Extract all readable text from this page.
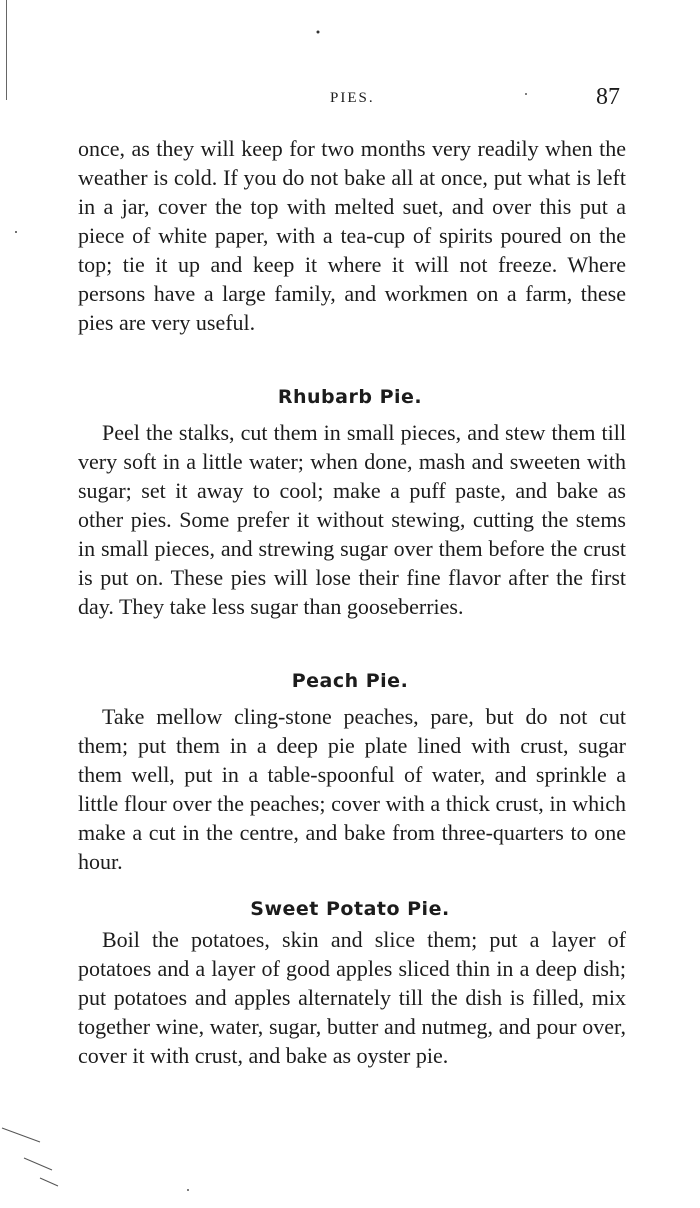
PIES.	87

once, as they will keep for two months very readily when the weather is cold. If you do not bake all at once, put what is left in a jar, cover the top with melted suet, and over this put a piece of white paper, with a tea-cup of spirits poured on the top; tie it up and keep it where it will not freeze. Where persons have a large family, and workmen on a farm, these pies are very useful.

Rhubarb Pie.

Peel the stalks, cut them in small pieces, and stew them till very soft in a little water; when done, mash and sweeten with sugar; set it away to cool; make a puff paste, and bake as other pies. Some prefer it without stewing, cutting the stems in small pieces, and strewing sugar over them before the crust is put on. These pies will lose their fine flavor after the first day. They take less sugar than gooseberries.

Peach Pie.

Take mellow cling-stone peaches, pare, but do not cut them; put them in a deep pie plate lined with crust, sugar them well, put in a table-spoonful of water, and sprinkle a little flour over the peaches; cover with a thick crust, in which make a cut in the centre, and bake from three-quarters to one hour.

Sweet Potato Pie.

Boil the potatoes, skin and slice them; put a layer of potatoes and a layer of good apples sliced thin in a deep dish; put potatoes and apples alternately till the dish is filled, mix together wine, water, sugar, butter and nutmeg, and pour over, cover it with crust, and bake as oyster pie.
